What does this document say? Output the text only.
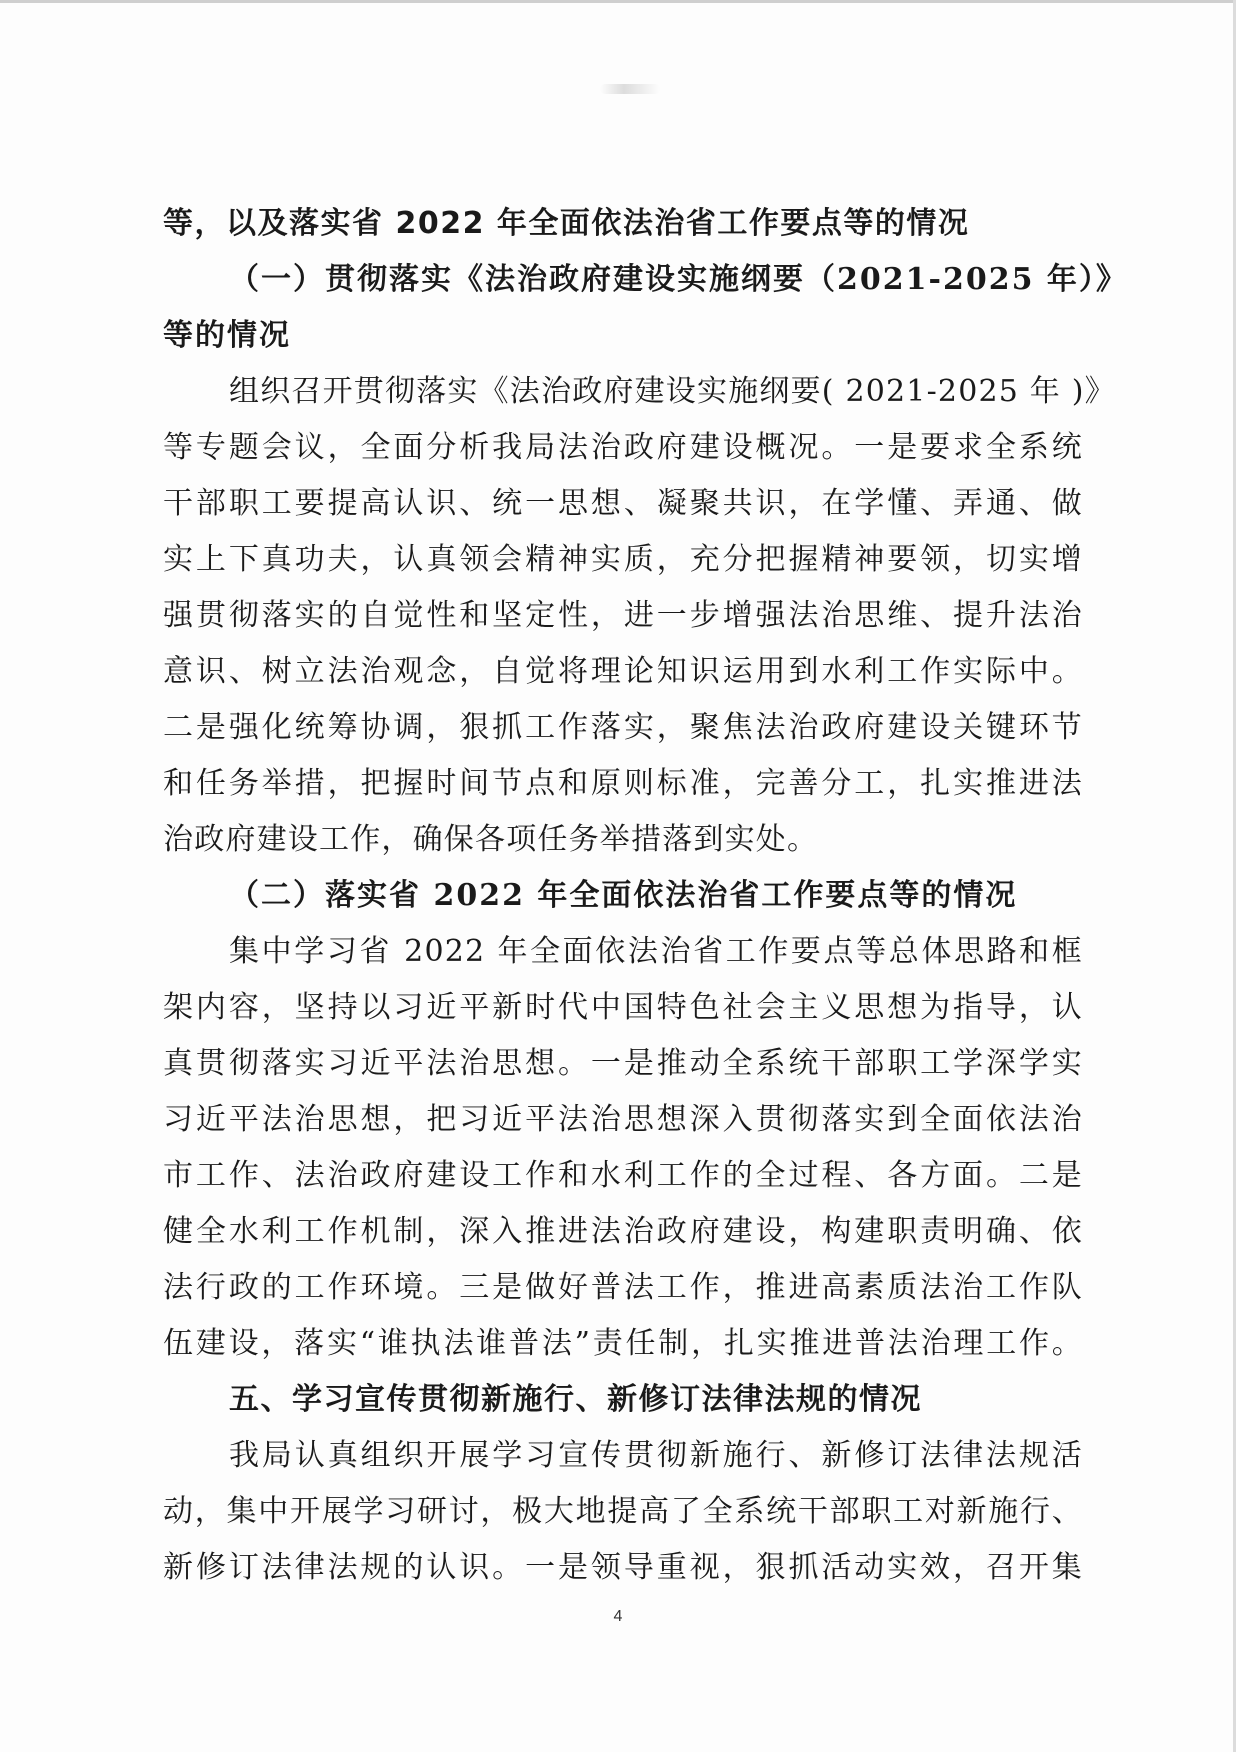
等，以及落实省 2022 年全面依法治省工作要点等的情况
（一）贯彻落实《法治政府建设实施纲要（2021-2025 年）》
等的情况
组织召开贯彻落实《法治政府建设实施纲要( 2021-2025 年 )》
等专题会议，全面分析我局法治政府建设概况。一是要求全系统
干部职工要提高认识、统一思想、凝聚共识，在学懂、弄通、做
实上下真功夫，认真领会精神实质，充分把握精神要领，切实增
强贯彻落实的自觉性和坚定性，进一步增强法治思维、提升法治
意识、树立法治观念，自觉将理论知识运用到水利工作实际中。
二是强化统筹协调，狠抓工作落实，聚焦法治政府建设关键环节
和任务举措，把握时间节点和原则标准，完善分工，扎实推进法
治政府建设工作，确保各项任务举措落到实处。
（二）落实省 2022 年全面依法治省工作要点等的情况
集中学习省 2022 年全面依法治省工作要点等总体思路和框
架内容，坚持以习近平新时代中国特色社会主义思想为指导，认
真贯彻落实习近平法治思想。一是推动全系统干部职工学深学实
习近平法治思想，把习近平法治思想深入贯彻落实到全面依法治
市工作、法治政府建设工作和水利工作的全过程、各方面。二是
健全水利工作机制，深入推进法治政府建设，构建职责明确、依
法行政的工作环境。三是做好普法工作，推进高素质法治工作队
伍建设，落实“谁执法谁普法”责任制，扎实推进普法治理工作。
五、学习宣传贯彻新施行、新修订法律法规的情况
我局认真组织开展学习宣传贯彻新施行、新修订法律法规活
动，集中开展学习研讨，极大地提高了全系统干部职工对新施行、
新修订法律法规的认识。一是领导重视，狠抓活动实效，召开集
4
